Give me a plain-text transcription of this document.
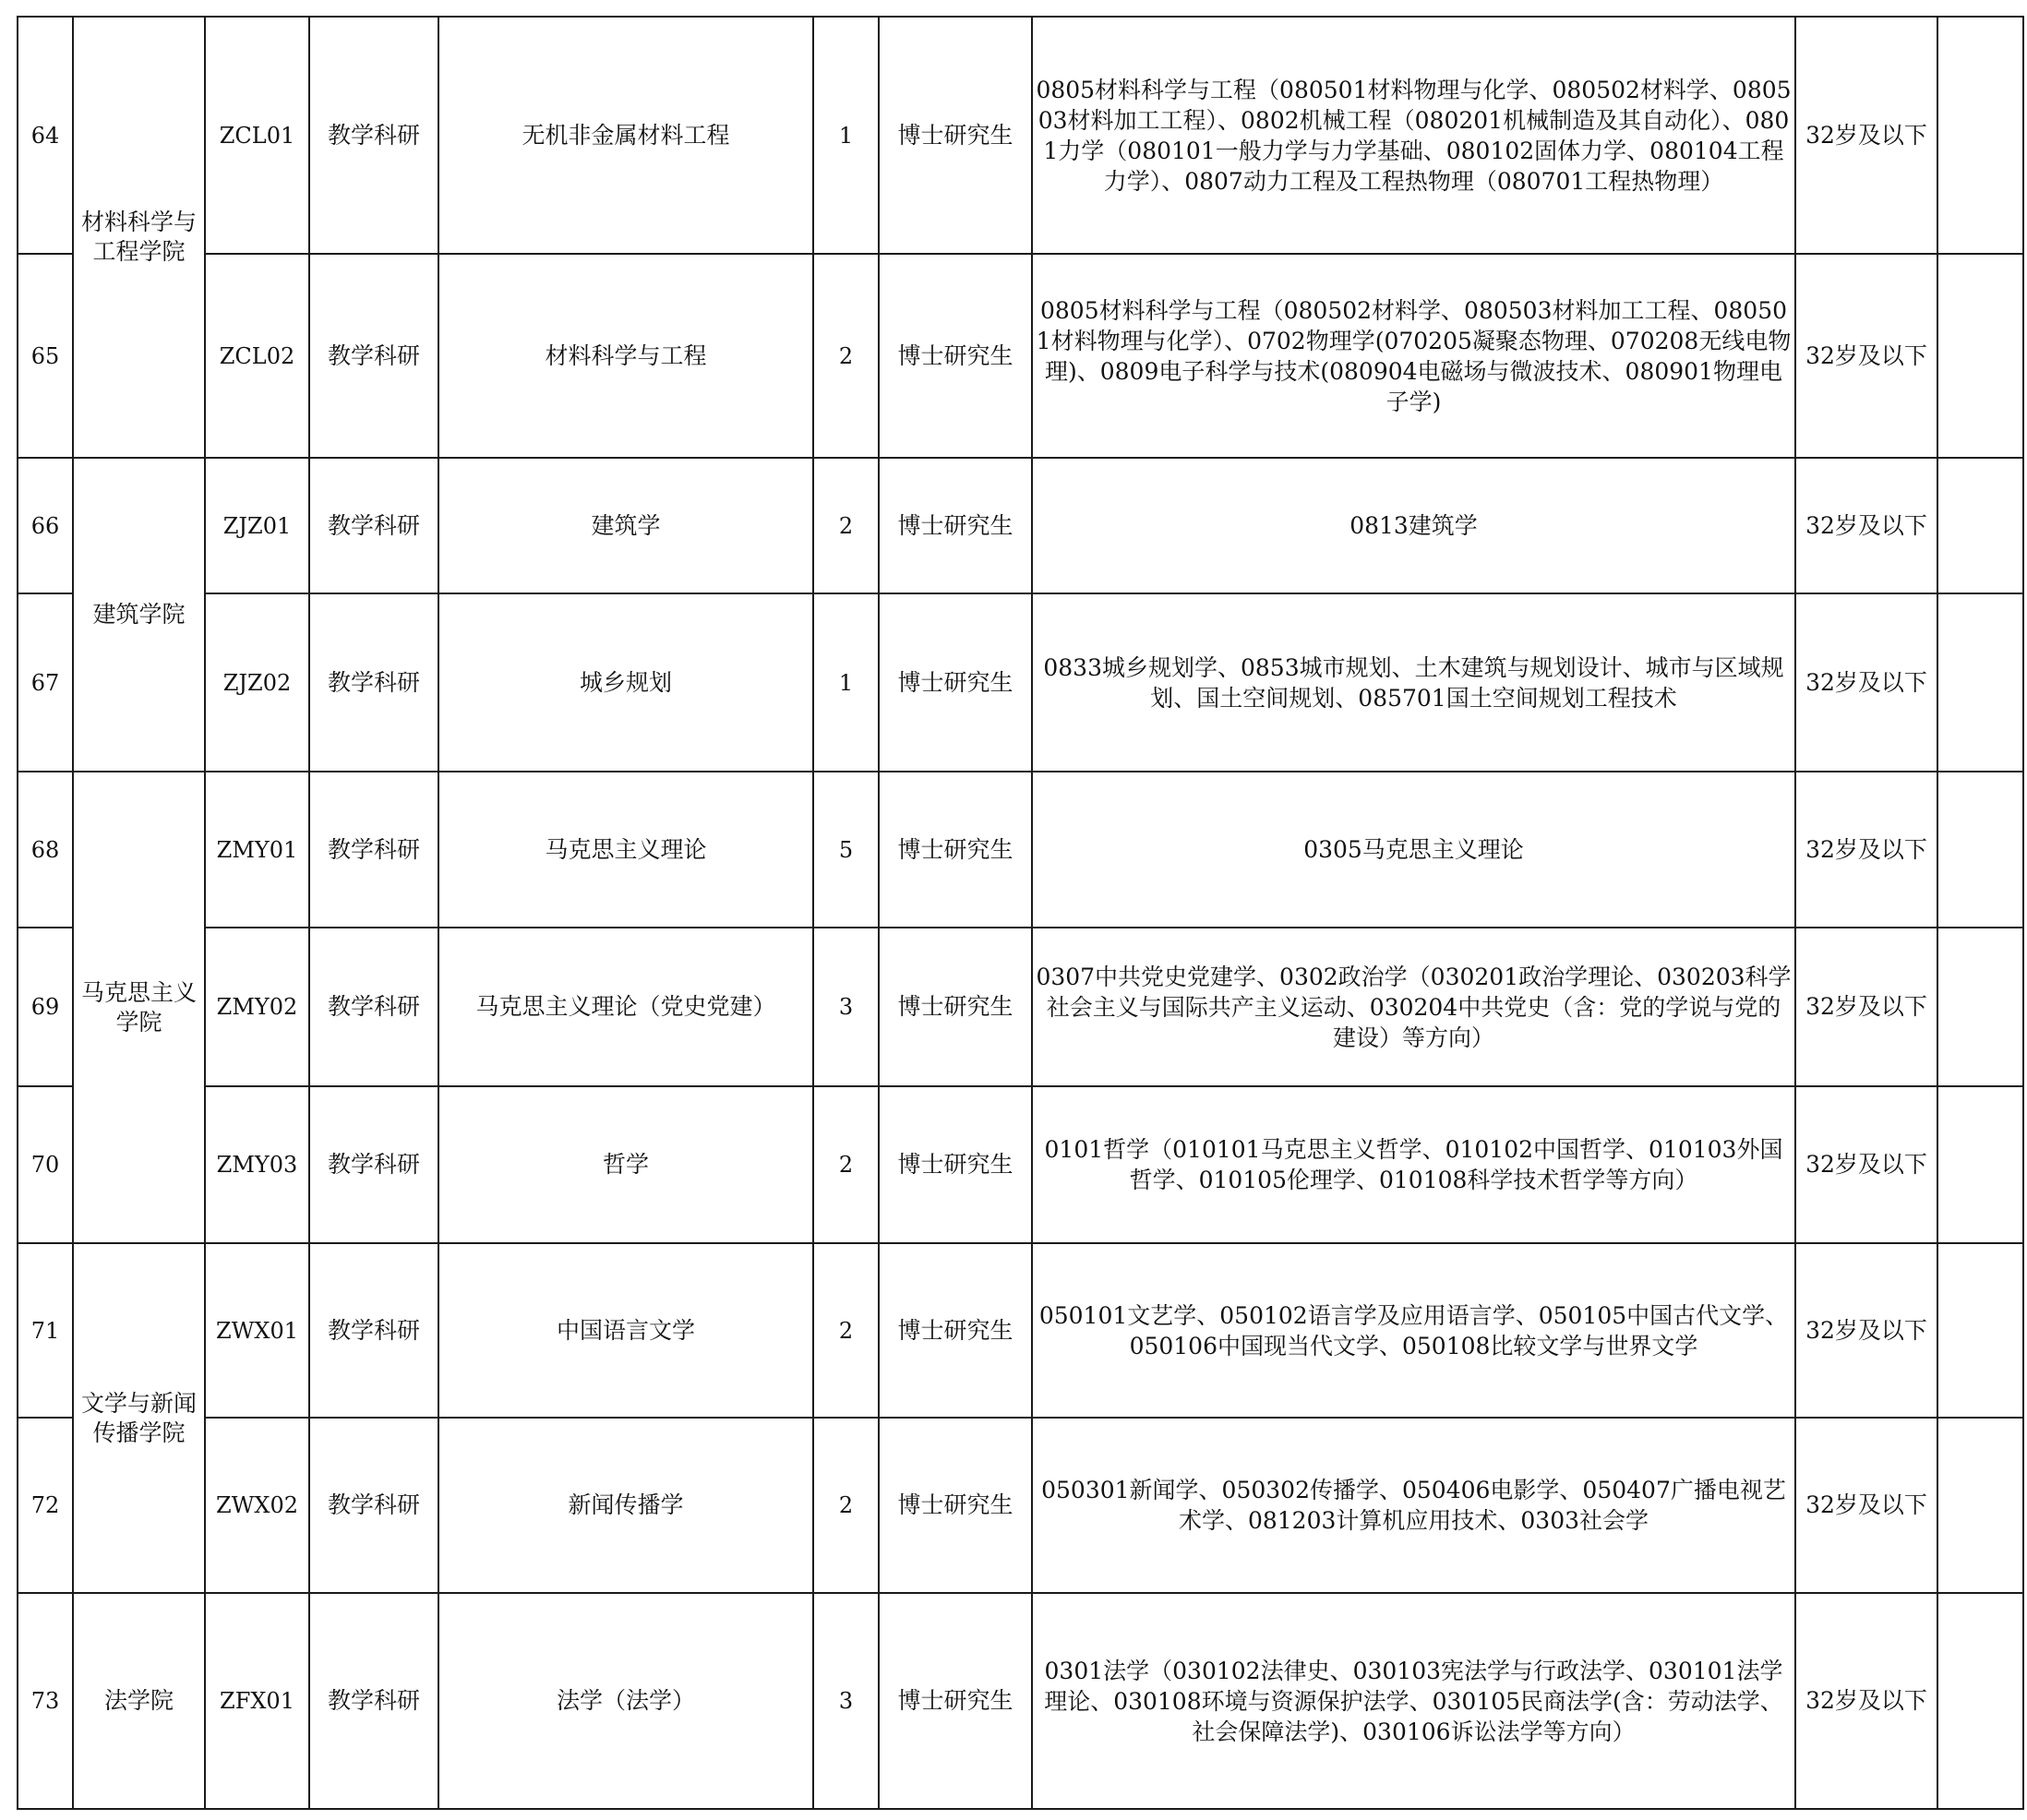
64	材料科学与工程学院	ZCL01	教学科研	无机非金属材料工程	1	博士研究生	0805材料科学与工程（080501材料物理与化学、080502材料学、080503材料加工工程）、0802机械工程（080201机械制造及其自动化）、0801力学（080101一般力学与力学基础、080102固体力学、080104工程力学）、0807动力工程及工程热物理（080701工程热物理）	32岁及以下	
65		ZCL02	教学科研	材料科学与工程	2	博士研究生	0805材料科学与工程（080502材料学、080503材料加工工程、080501材料物理与化学）、0702物理学(070205凝聚态物理、070208无线电物理)、0809电子科学与技术(080904电磁场与微波技术、080901物理电子学)	32岁及以下	
66	建筑学院	ZJZ01	教学科研	建筑学	2	博士研究生	0813建筑学	32岁及以下	
67		ZJZ02	教学科研	城乡规划	1	博士研究生	0833城乡规划学、0853城市规划、土木建筑与规划设计、城市与区域规划、国土空间规划、085701国土空间规划工程技术	32岁及以下	
68	马克思主义学院	ZMY01	教学科研	马克思主义理论	5	博士研究生	0305马克思主义理论	32岁及以下	
69		ZMY02	教学科研	马克思主义理论（党史党建）	3	博士研究生	0307中共党史党建学、0302政治学（030201政治学理论、030203科学社会主义与国际共产主义运动、030204中共党史（含：党的学说与党的建设）等方向）	32岁及以下	
70		ZMY03	教学科研	哲学	2	博士研究生	0101哲学（010101马克思主义哲学、010102中国哲学、010103外国哲学、010105伦理学、010108科学技术哲学等方向）	32岁及以下	
71	文学与新闻传播学院	ZWX01	教学科研	中国语言文学	2	博士研究生	050101文艺学、050102语言学及应用语言学、050105中国古代文学、050106中国现当代文学、050108比较文学与世界文学	32岁及以下	
72		ZWX02	教学科研	新闻传播学	2	博士研究生	050301新闻学、050302传播学、050406电影学、050407广播电视艺术学、081203计算机应用技术、0303社会学	32岁及以下	
73	法学院	ZFX01	教学科研	法学（法学）	3	博士研究生	0301法学（030102法律史、030103宪法学与行政法学、030101法学理论、030108环境与资源保护法学、030105民商法学(含：劳动法学、社会保障法学)、030106诉讼法学等方向）	32岁及以下	
